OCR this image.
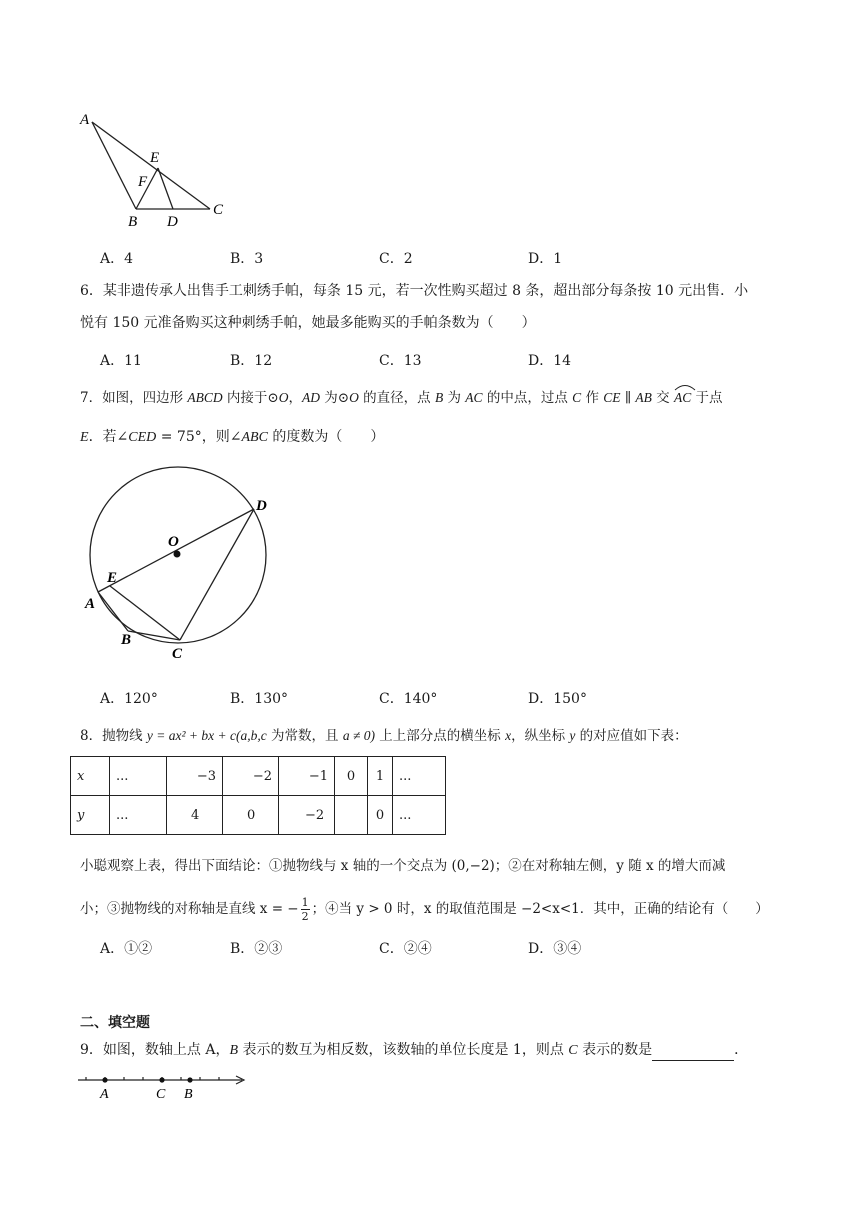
A
E
F
B D
C
A．4	B．3	C．2	D．1
6．某非遗传承人出售手工刺绣手帕，每条 15 元，若一次性购买超过 8 条，超出部分每条按 10 元出售．小
悦有 150 元准备购买这种刺绣手帕，她最多能购买的手帕条数为（　　）
A．11	B．12	C．13	D．14
7．如图，四边形 ABCD 内接于⊙O，AD 为⊙O 的直径，点 B 为 AC 的中点，过点 C 作 CE ∥ AB 交
AC 于点
E．若∠CED = 75°，则∠ABC 的度数为（　　）
O
D
E
A
B
C
A．120°	B．130°	C．140°	D．150°
8．抛物线 y = ax² + bx + c(a,b,c 为常数，且 a ≠ 0) 上上部分点的横坐标 x，纵坐标 y 的对应值如下表：
x	...	−3	−2	−1	0	1	...
y	...	4	0	−2		0	...
小聪观察上表，得出下面结论：①抛物线与 x 轴的一个交点为 (0,−2)；②在对称轴左侧，y 随 x 的增大而减
小；③抛物线的对称轴是直线 x = − $\frac{1}{2}$ ；④当 y > 0 时，x 的取值范围是 −2<x<1．其中，正确的结论有（　　）
A．①②	B．②③	C．②④	D．③④
二、填空题
9．如图，数轴上点 A，B 表示的数互为相反数，该数轴的单位长度是 1，则点 C 表示的数是	．
A	C B
